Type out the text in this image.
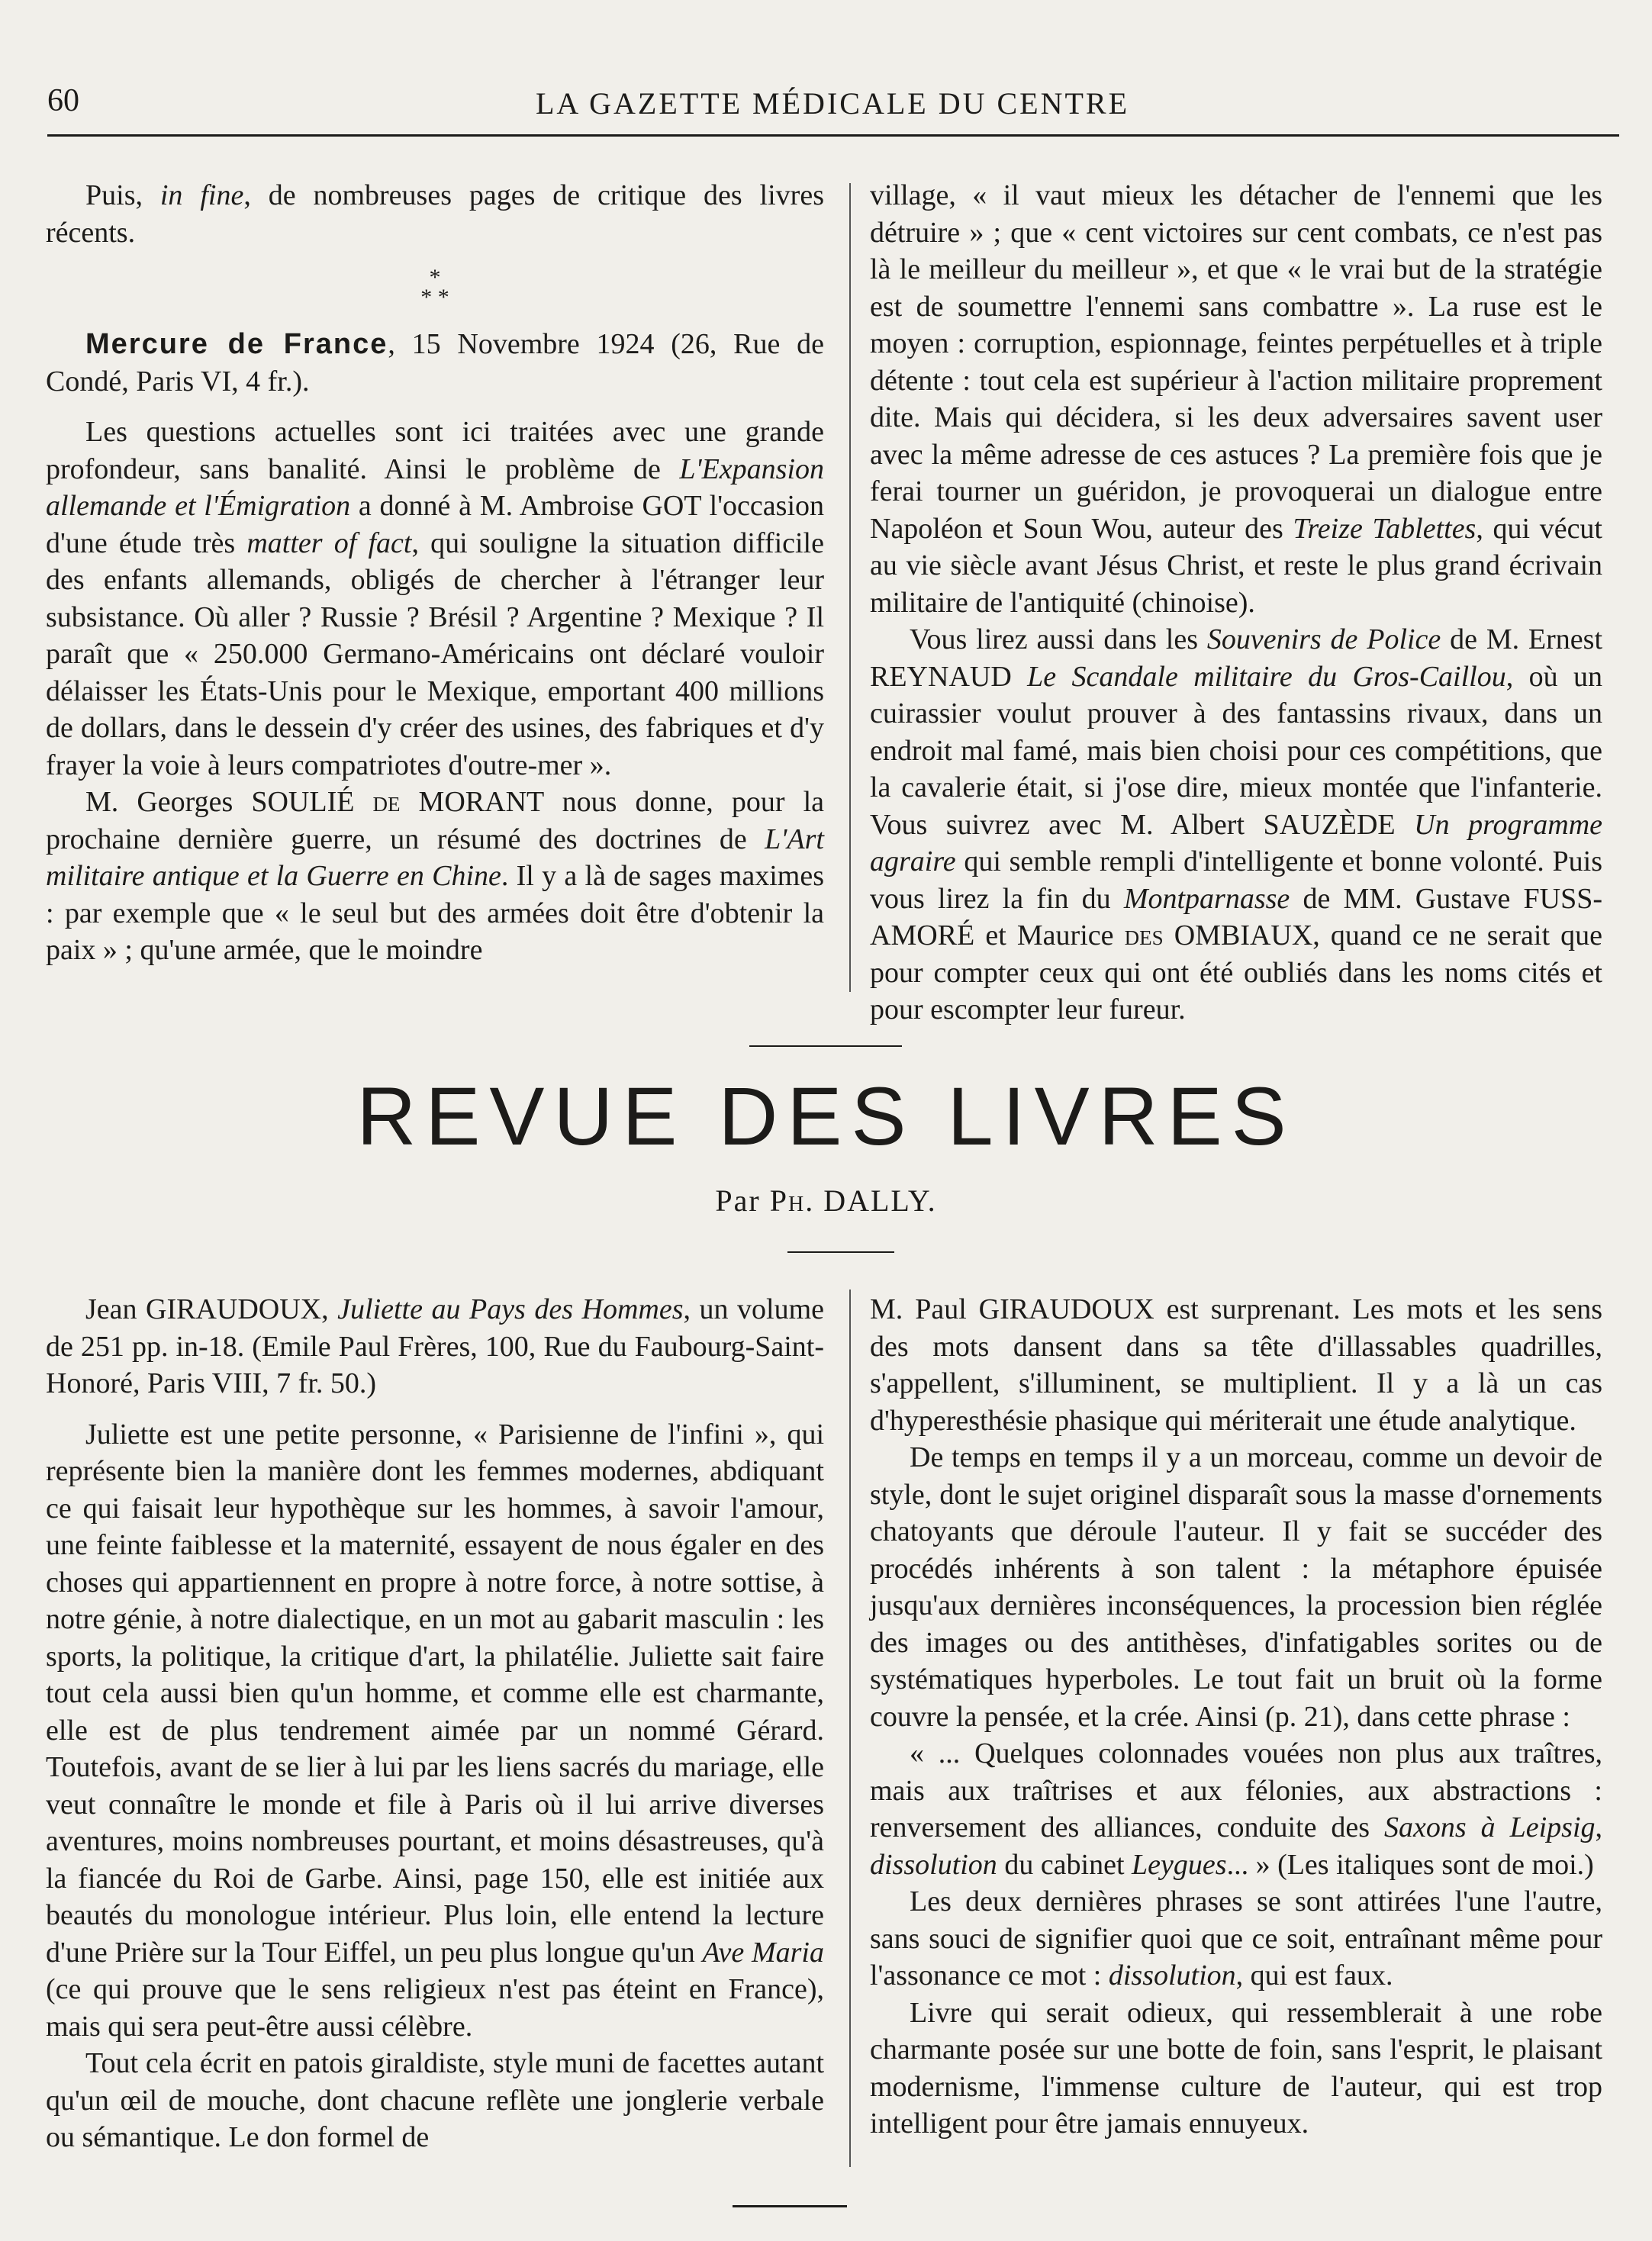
60	LA GAZETTE MÉDICALE DU CENTRE

Puis, in fine, de nombreuses pages de critique des livres récents.

*
* *

Mercure de France, 15 Novembre 1924 (26, Rue de Condé, Paris VI, 4 fr.).

Les questions actuelles sont ici traitées avec une grande profondeur, sans banalité. Ainsi le problème de L'Expansion allemande et l'Émigration a donné à M. Ambroise GOT l'occasion d'une étude très matter of fact, qui souligne la situation difficile des enfants allemands, obligés de chercher à l'étranger leur subsistance. Où aller ? Russie ? Brésil ? Argentine ? Mexique ? Il paraît que « 250.000 Germano-Américains ont déclaré vouloir délaisser les États-Unis pour le Mexique, emportant 400 millions de dollars, dans le dessein d'y créer des usines, des fabriques et d'y frayer la voie à leurs compatriotes d'outre-mer ».

M. Georges SOULIÉ de MORANT nous donne, pour la prochaine dernière guerre, un résumé des doctrines de L'Art militaire antique et la Guerre en Chine. Il y a là de sages maximes : par exemple que « le seul but des armées doit être d'obtenir la paix » ; qu'une armée, que le moindre

village, « il vaut mieux les détacher de l'ennemi que les détruire » ; que « cent victoires sur cent combats, ce n'est pas là le meilleur du meilleur », et que « le vrai but de la stratégie est de soumettre l'ennemi sans combattre ». La ruse est le moyen : corruption, espionnage, feintes perpétuelles et à triple détente : tout cela est supérieur à l'action militaire proprement dite. Mais qui décidera, si les deux adversaires savent user avec la même adresse de ces astuces ? La première fois que je ferai tourner un guéridon, je provoquerai un dialogue entre Napoléon et Soun Wou, auteur des Treize Tablettes, qui vécut au vie siècle avant Jésus Christ, et reste le plus grand écrivain militaire de l'antiquité (chinoise).

Vous lirez aussi dans les Souvenirs de Police de M. Ernest REYNAUD Le Scandale militaire du Gros-Caillou, où un cuirassier voulut prouver à des fantassins rivaux, dans un endroit mal famé, mais bien choisi pour ces compétitions, que la cavalerie était, si j'ose dire, mieux montée que l'infanterie. Vous suivrez avec M. Albert SAUZÈDE Un programme agraire qui semble rempli d'intelligente et bonne volonté. Puis vous lirez la fin du Montparnasse de MM. Gustave FUSS-AMORÉ et Maurice des OMBIAUX, quand ce ne serait que pour compter ceux qui ont été oubliés dans les noms cités et pour escompter leur fureur.

REVUE DES LIVRES
Par Ph. DALLY.

Jean GIRAUDOUX, Juliette au Pays des Hommes, un volume de 251 pp. in-18. (Emile Paul Frères, 100, Rue du Faubourg-Saint-Honoré, Paris VIII, 7 fr. 50.)

Juliette est une petite personne, « Parisienne de l'infini », qui représente bien la manière dont les femmes modernes, abdiquant ce qui faisait leur hypothèque sur les hommes, à savoir l'amour, une feinte faiblesse et la maternité, essayent de nous égaler en des choses qui appartiennent en propre à notre force, à notre sottise, à notre génie, à notre dialectique, en un mot au gabarit masculin : les sports, la politique, la critique d'art, la philatélie. Juliette sait faire tout cela aussi bien qu'un homme, et comme elle est charmante, elle est de plus tendrement aimée par un nommé Gérard. Toutefois, avant de se lier à lui par les liens sacrés du mariage, elle veut connaître le monde et file à Paris où il lui arrive diverses aventures, moins nombreuses pourtant, et moins désastreuses, qu'à la fiancée du Roi de Garbe. Ainsi, page 150, elle est initiée aux beautés du monologue intérieur. Plus loin, elle entend la lecture d'une Prière sur la Tour Eiffel, un peu plus longue qu'un Ave Maria (ce qui prouve que le sens religieux n'est pas éteint en France), mais qui sera peut-être aussi célèbre.

Tout cela écrit en patois giraldiste, style muni de facettes autant qu'un œil de mouche, dont chacune reflète une jonglerie verbale ou sémantique. Le don formel de

M. Paul GIRAUDOUX est surprenant. Les mots et les sens des mots dansent dans sa tête d'illassables quadrilles, s'appellent, s'illuminent, se multiplient. Il y a là un cas d'hyperesthésie phasique qui mériterait une étude analytique.

De temps en temps il y a un morceau, comme un devoir de style, dont le sujet originel disparaît sous la masse d'ornements chatoyants que déroule l'auteur. Il y fait se succéder des procédés inhérents à son talent : la métaphore épuisée jusqu'aux dernières inconséquences, la procession bien réglée des images ou des antithèses, d'infatigables sorites ou de systématiques hyperboles. Le tout fait un bruit où la forme couvre la pensée, et la crée. Ainsi (p. 21), dans cette phrase :

« ... Quelques colonnades vouées non plus aux traîtres, mais aux traîtrises et aux félonies, aux abstractions : renversement des alliances, conduite des Saxons à Leipsig, dissolution du cabinet Leygues... » (Les italiques sont de moi.)

Les deux dernières phrases se sont attirées l'une l'autre, sans souci de signifier quoi que ce soit, entraînant même pour l'assonance ce mot : dissolution, qui est faux.

Livre qui serait odieux, qui ressemblerait à une robe charmante posée sur une botte de foin, sans l'esprit, le plaisant modernisme, l'immense culture de l'auteur, qui est trop intelligent pour être jamais ennuyeux.
